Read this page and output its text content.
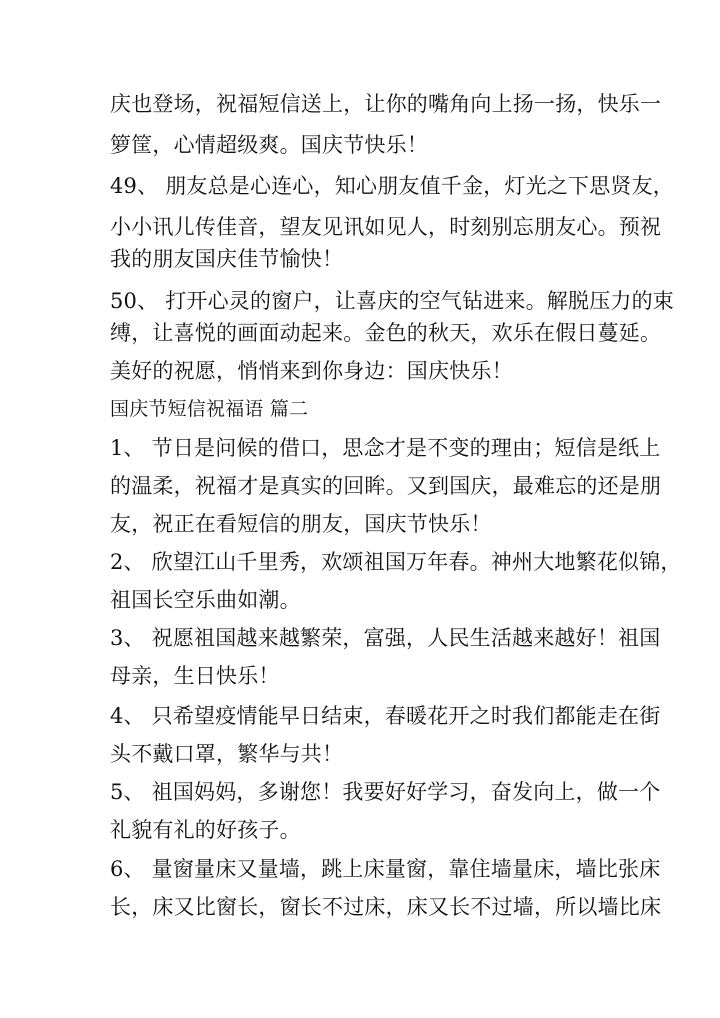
庆也登场，祝福短信送上，让你的嘴角向上扬一扬，快乐一
箩筐，心情超级爽。国庆节快乐！
49、 朋友总是心连心，知心朋友值千金，灯光之下思贤友，
小小讯儿传佳音，望友见讯如见人，时刻别忘朋友心。预祝
我的朋友国庆佳节愉快！
50、 打开心灵的窗户，让喜庆的空气钻进来。解脱压力的束
缚，让喜悦的画面动起来。金色的秋天，欢乐在假日蔓延。
美好的祝愿，悄悄来到你身边：国庆快乐！
国庆节短信祝福语 篇二
1、 节日是问候的借口，思念才是不变的理由；短信是纸上
的温柔，祝福才是真实的回眸。又到国庆，最难忘的还是朋
友，祝正在看短信的朋友，国庆节快乐！
2、 欣望江山千里秀，欢颂祖国万年春。神州大地繁花似锦，
祖国长空乐曲如潮。
3、 祝愿祖国越来越繁荣，富强，人民生活越来越好！祖国
母亲，生日快乐！
4、 只希望疫情能早日结束，春暖花开之时我们都能走在街
头不戴口罩，繁华与共！
5、 祖国妈妈，多谢您！我要好好学习，奋发向上，做一个
礼貌有礼的好孩子。
6、 量窗量床又量墙，跳上床量窗，靠住墙量床，墙比张床
长，床又比窗长，窗长不过床，床又长不过墙，所以墙比床
